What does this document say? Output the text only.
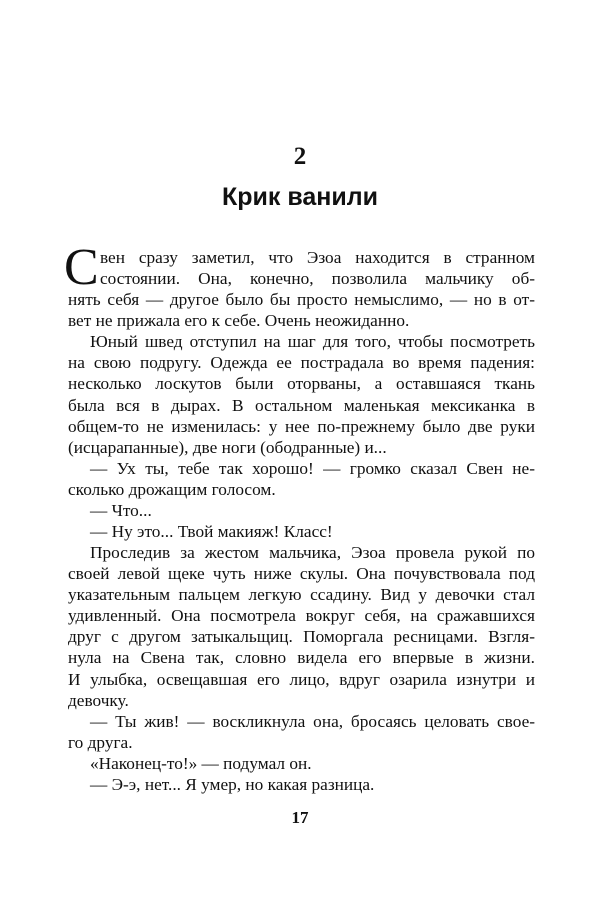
2
Крик ванили
С вен сразу заметил, что Эзоа находится в странном
состоянии. Она, конечно, позволила мальчику об-
нять себя — другое было бы просто немыслимо, — но в от-
вет не прижала его к себе. Очень неожиданно.
Юный швед отступил на шаг для того, чтобы посмотреть
на свою подругу. Одежда ее пострадала во время падения:
несколько лоскутов были оторваны, а оставшаяся ткань
была вся в дырах. В остальном маленькая мексиканка в
общем-то не изменилась: у нее по-прежнему было две руки
(исцарапанные), две ноги (ободранные) и...
— Ух ты, тебе так хорошо! — громко сказал Свен не-
сколько дрожащим голосом.
— Что...
— Ну это... Твой макияж! Класс!
Проследив за жестом мальчика, Эзоа провела рукой по
своей левой щеке чуть ниже скулы. Она почувствовала под
указательным пальцем легкую ссадину. Вид у девочки стал
удивленный. Она посмотрела вокруг себя, на сражавшихся
друг с другом затыкальщиц. Поморгала ресницами. Взгля-
нула на Свена так, словно видела его впервые в жизни.
И улыбка, освещавшая его лицо, вдруг озарила изнутри и
девочку.
— Ты жив! — воскликнула она, бросаясь целовать свое-
го друга.
«Наконец-то!» — подумал он.
— Э-э, нет... Я умер, но какая разница.
17
